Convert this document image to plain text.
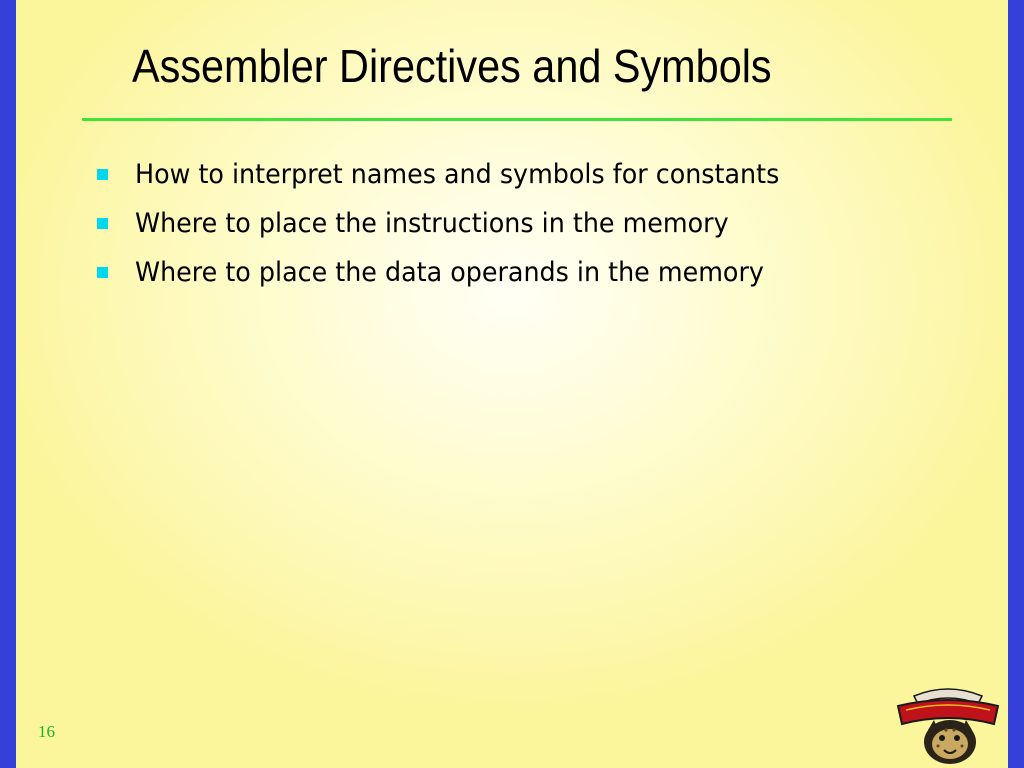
Assembler Directives and Symbols
How to interpret names and symbols for constants
Where to place the instructions in the memory
Where to place the data operands in the memory
16
